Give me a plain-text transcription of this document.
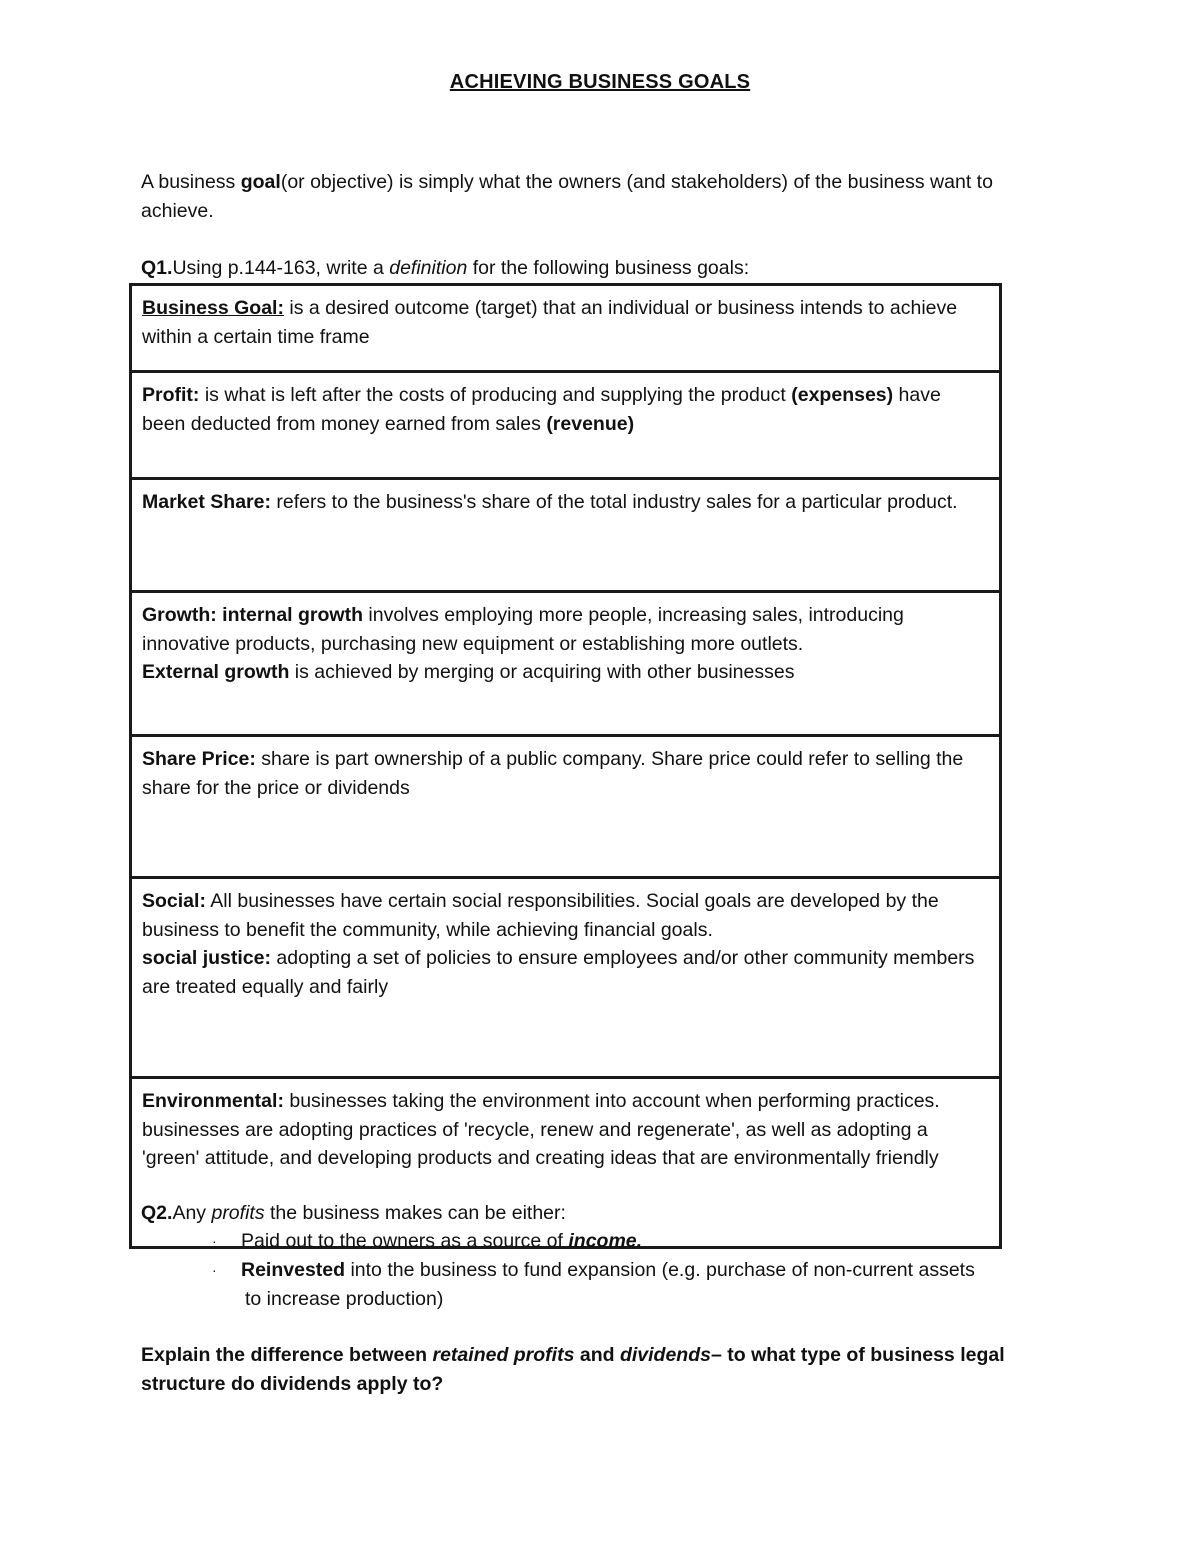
ACHIEVING BUSINESS GOALS
A business goal(or objective) is simply what the owners (and stakeholders) of the business want to achieve.
Q1.Using p.144-163, write a definition for the following business goals:
Business Goal: is a desired outcome (target) that an individual or business intends to achieve within a certain time frame
Profit: is what is left after the costs of producing and supplying the product (expenses) have been deducted from money earned from sales (revenue)
Market Share: refers to the business's share of the total industry sales for a particular product.
Growth: internal growth involves employing more people, increasing sales, introducing innovative products, purchasing new equipment or establishing more outlets.
External growth is achieved by merging or acquiring with other businesses
Share Price: share is part ownership of a public company. Share price could refer to selling the share for the price or dividends
Social: All businesses have certain social responsibilities. Social goals are developed by the business to benefit the community, while achieving financial goals.
social justice: adopting a set of policies to ensure employees and/or other community members are treated equally and fairly
Environmental: businesses taking the environment into account when performing practices. businesses are adopting practices of 'recycle, renew and regenerate', as well as adopting a 'green' attitude, and developing products and creating ideas that are environmentally friendly
Q2.Any profits the business makes can be either:
· Paid out to the owners as a source of income.
· Reinvested into the business to fund expansion (e.g. purchase of non-current assets
to increase production)
Explain the difference between retained profits and dividends– to what type of business legal structure do dividends apply to?
